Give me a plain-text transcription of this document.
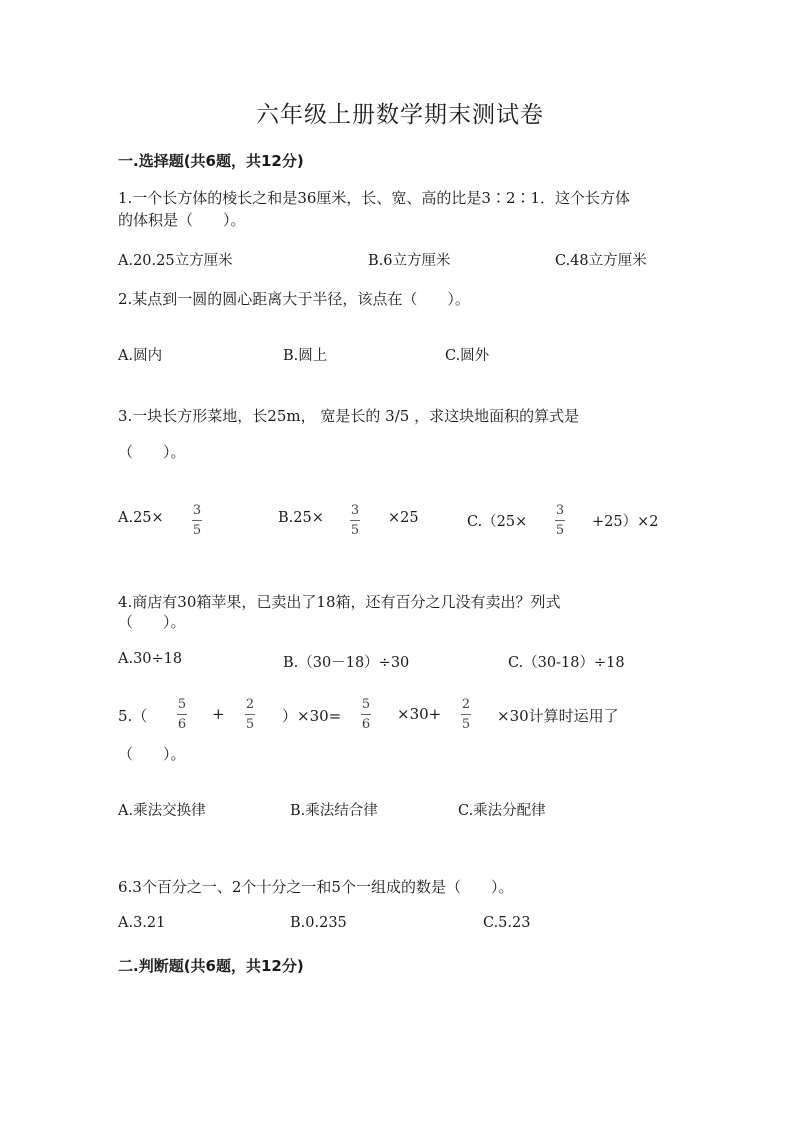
六年级上册数学期末测试卷
一.选择题(共6题，共12分)
1.一个长方体的棱长之和是36厘米，长、宽、高的比是3∶2∶1．这个长方体
的体积是（　　）。
A.20.25立方厘米	B.6立方厘米	C.48立方厘米
2.某点到一圆的圆心距离大于半径，该点在（　　）。
A.圆内	B.圆上	C.圆外
3.一块长方形菜地，长25m， 宽是长的 3/5 ，求这块地面积的算式是
（　　）。
A.25× 3
5
B.25× 3
5
×25	C.（25×
3
5
+25）×2
4.商店有30箱苹果，已卖出了18箱，还有百分之几没有卖出？列式
（　　）。
A.30÷18	B.（30－18）÷30	C.（30-18）÷18
5.（
5
6
+
2
5 ）×30=
5
6
×30+
2
5 ×30计算时运用了
（　　）。
A.乘法交换律	B.乘法结合律	C.乘法分配律
6.3个百分之一、2个十分之一和5个一组成的数是（　　）。
A.3.21	B.0.235	C.5.23
二.判断题(共6题，共12分)
